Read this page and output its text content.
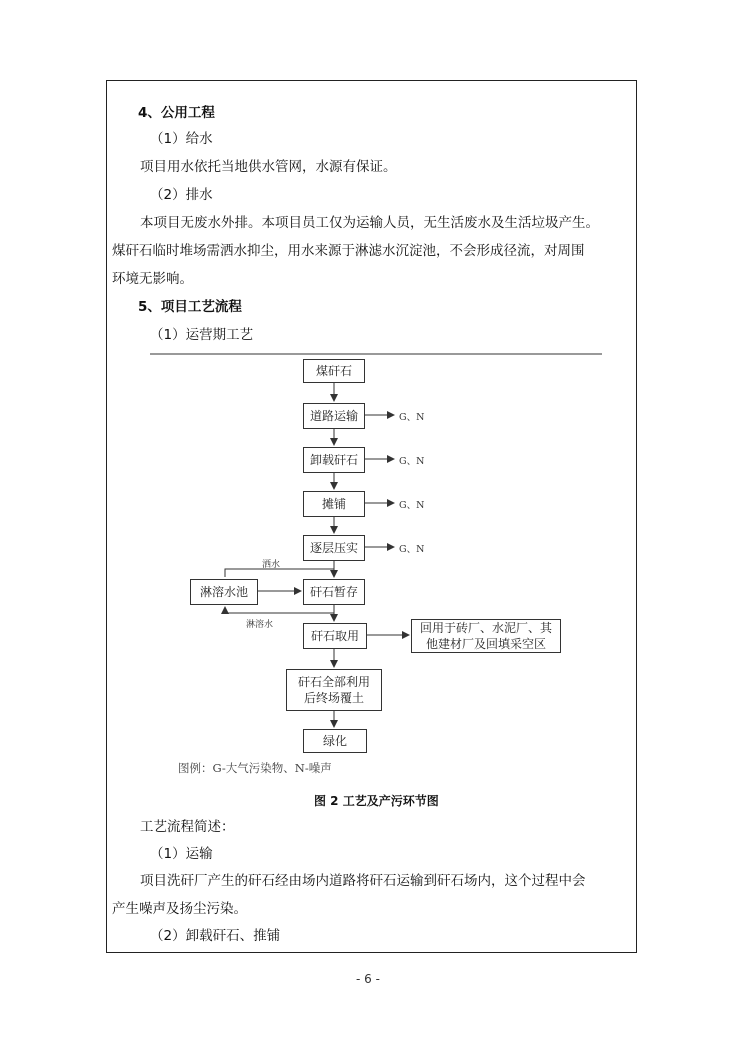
4、公用工程
（1）给水
项目用水依托当地供水管网，水源有保证。
（2）排水
本项目无废水外排。本项目员工仅为运输人员，无生活废水及生活垃圾产生。
煤矸石临时堆场需洒水抑尘，用水来源于淋滤水沉淀池，不会形成径流，对周围
环境无影响。
5、项目工艺流程
（1）运营期工艺
煤矸石
道路运输
卸载矸石
摊铺
逐层压实
矸石暂存
矸石取用
矸石全部利用后终场覆土
绿化
淋溶水池
回用于砖厂、水泥厂、其
他建材厂及回填采空区
G、N
G、N
G、N
G、N
洒水
淋溶水
图例：G-大气污染物、N-噪声
图 2 工艺及产污环节图
工艺流程简述：
（1）运输
项目洗矸厂产生的矸石经由场内道路将矸石运输到矸石场内，这个过程中会
产生噪声及扬尘污染。
（2）卸载矸石、推铺
- 6 -
